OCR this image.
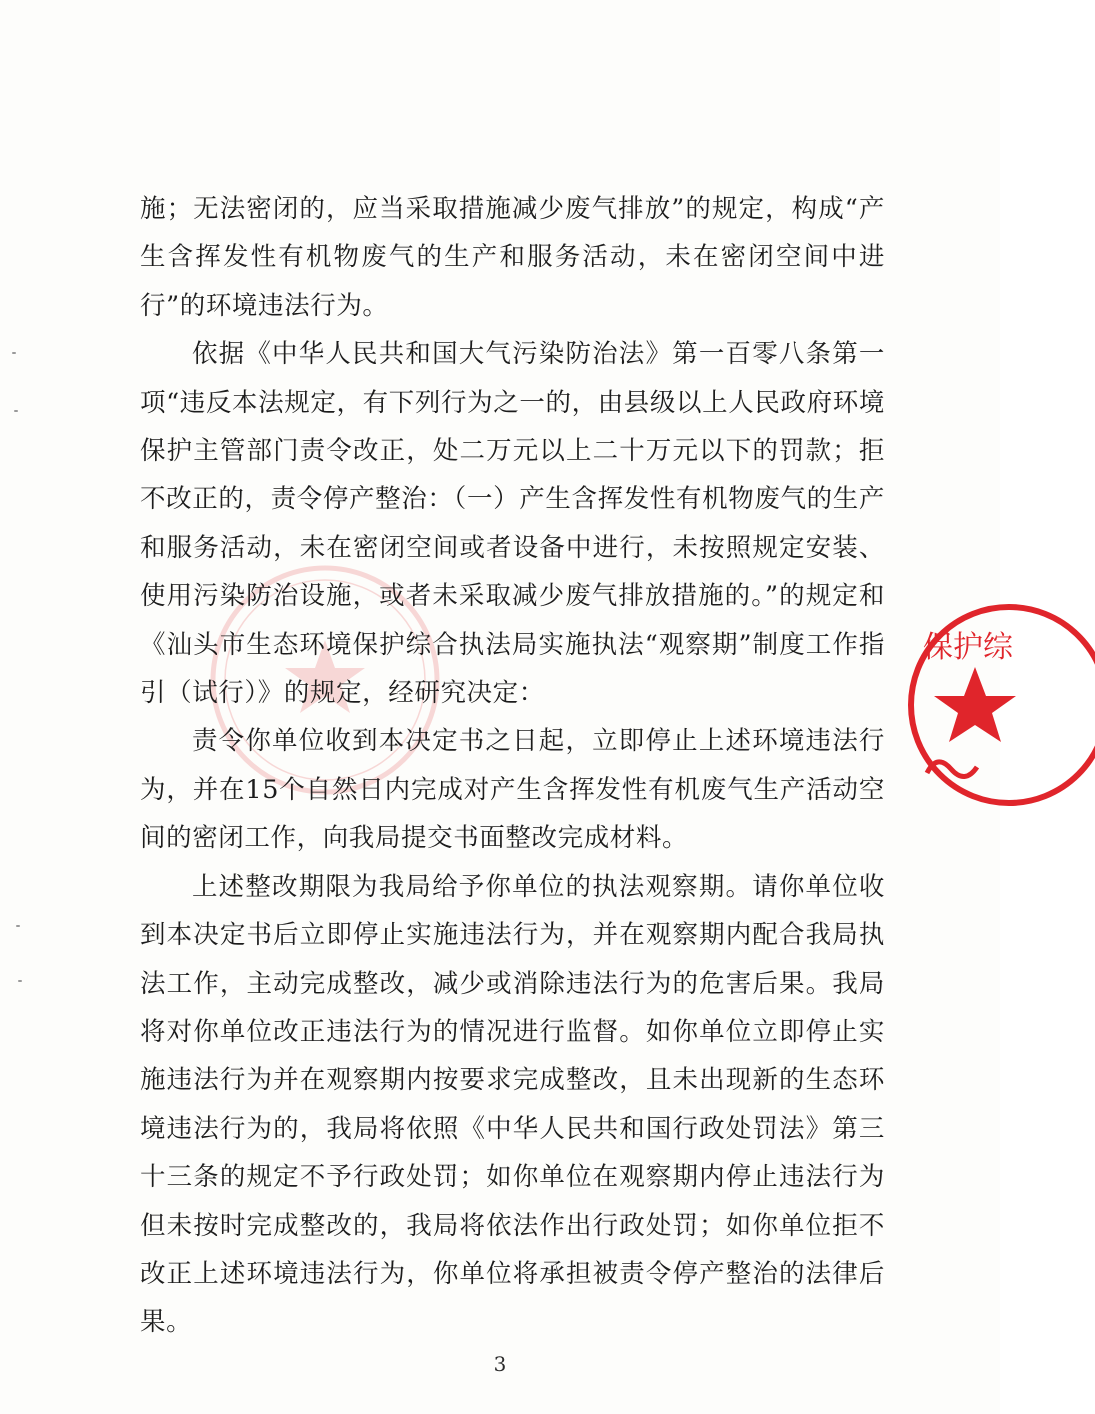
施；无法密闭的，应当采取措施减少废气排放”的规定，构成“产生含挥发性有机物废气的生产和服务活动，未在密闭空间中进行”的环境违法行为。

依据《中华人民共和国大气污染防治法》第一百零八条第一项“违反本法规定，有下列行为之一的，由县级以上人民政府环境保护主管部门责令改正，处二万元以上二十万元以下的罚款；拒不改正的，责令停产整治：（一）产生含挥发性有机物废气的生产和服务活动，未在密闭空间或者设备中进行，未按照规定安装、使用污染防治设施，或者未采取减少废气排放措施的。”的规定和《汕头市生态环境保护综合执法局实施执法“观察期”制度工作指引（试行）》的规定，经研究决定：

责令你单位收到本决定书之日起，立即停止上述环境违法行为，并在15个自然日内完成对产生含挥发性有机废气生产活动空间的密闭工作，向我局提交书面整改完成材料。

上述整改期限为我局给予你单位的执法观察期。请你单位收到本决定书后立即停止实施违法行为，并在观察期内配合我局执法工作，主动完成整改，减少或消除违法行为的危害后果。我局将对你单位改正违法行为的情况进行监督。如你单位立即停止实施违法行为并在观察期内按要求完成整改，且未出现新的生态环境违法行为的，我局将依照《中华人民共和国行政处罚法》第三十三条的规定不予行政处罚；如你单位在观察期内停止违法行为但未按时完成整改的，我局将依法作出行政处罚；如你单位拒不改正上述环境违法行为，你单位将承担被责令停产整治的法律后果。

保护综
3
